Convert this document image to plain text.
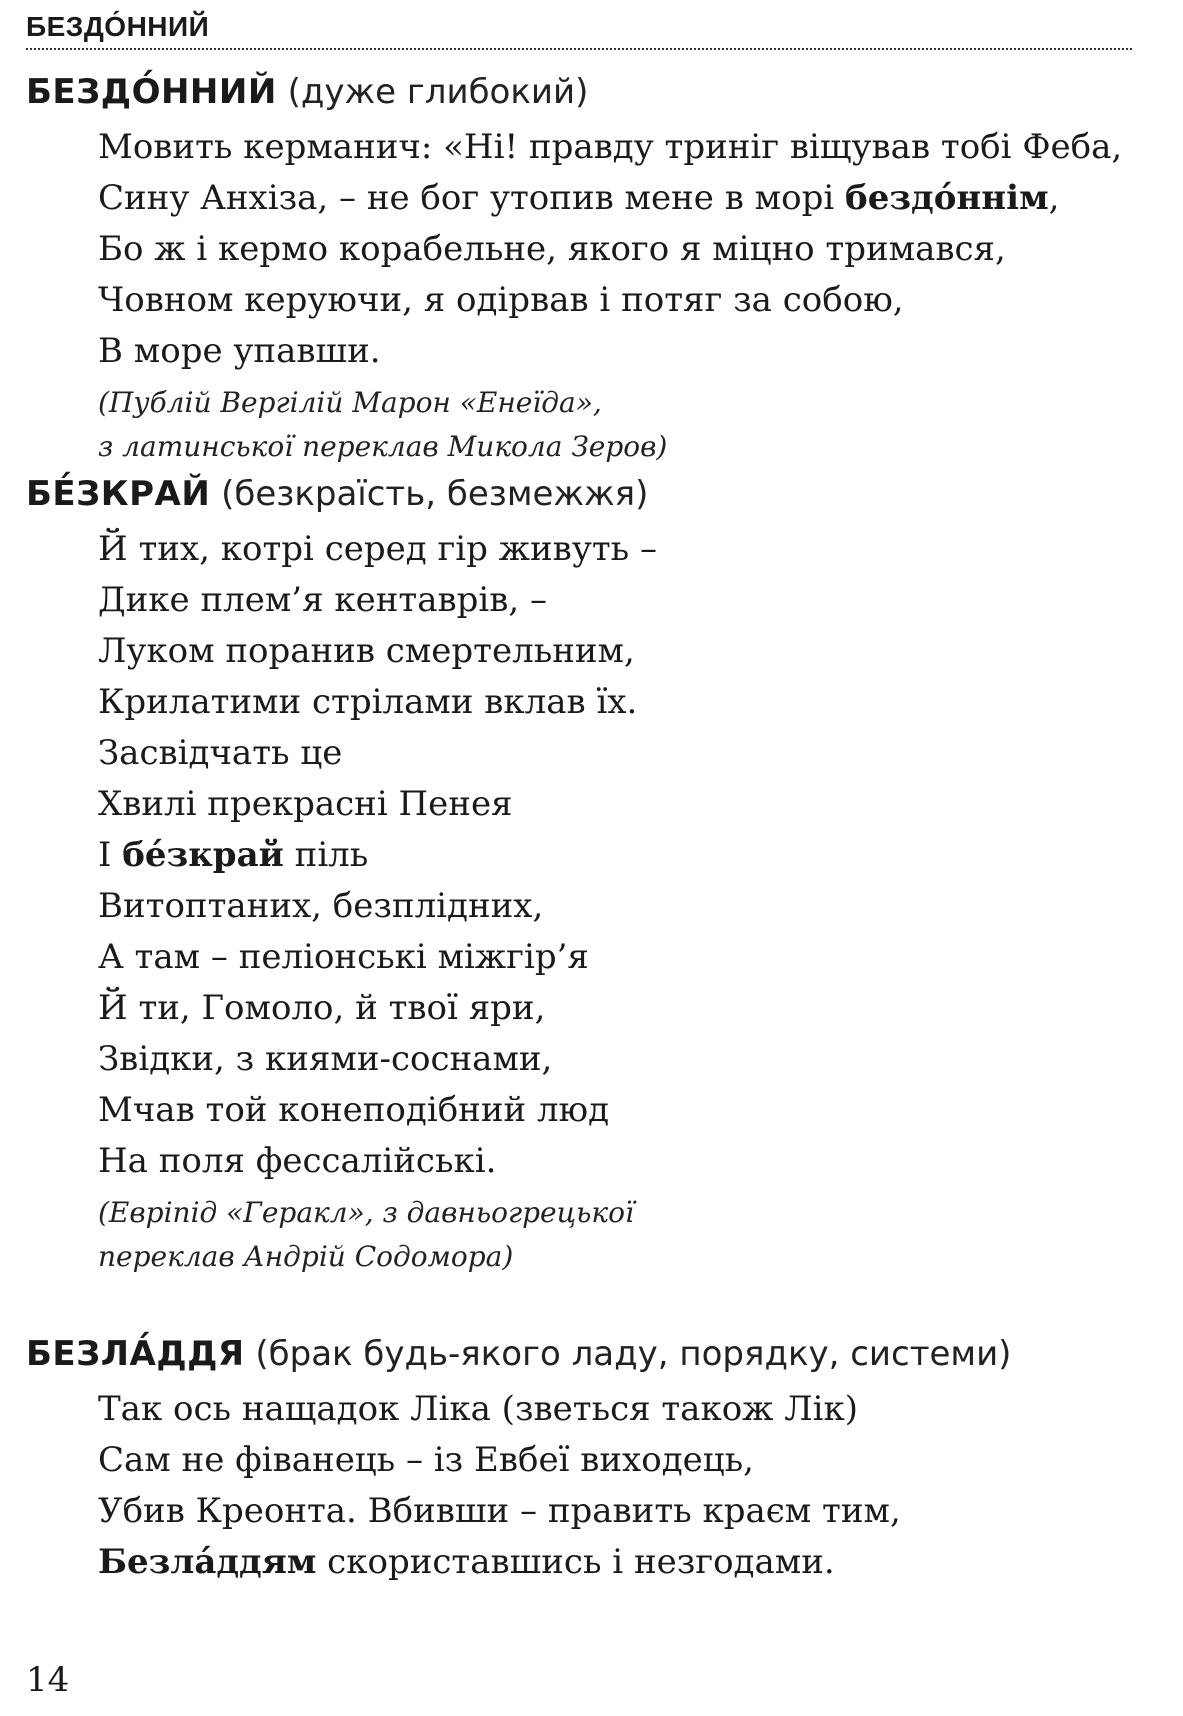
БЕЗДО́ННИЙ

БЕЗДО́ННИЙ (дуже глибокий)

Мовить керманич: «Ні! правду триніг віщував тобі Феба,
Сину Анхіза, – не бог утопив мене в морі бездо́ннім,
Бо ж і кермо корабельне, якого я міцно тримався,
Човном керуючи, я одірвав і потяг за собою,
В море упавши.
(Публій Вергілій Марон «Енеїда»,
з латинської переклав Микола Зеров)

БЕ́ЗКРАЙ (безкраїсть, безмежжя)

Й тих, котрі серед гір живуть –
Дике плем’я кентаврів, –
Луком поранив смертельним,
Крилатими стрілами вклав їх.
Засвідчать це
Хвилі прекрасні Пенея
І бе́зкрай піль
Витоптаних, безплідних,
А там – пеліонські міжгір’я
Й ти, Гомоло, й твої яри,
Звідки, з киями-соснами,
Мчав той конеподібний люд
На поля фессалійські.
(Евріпід «Геракл», з давньогрецької
переклав Андрій Содомора)

БЕЗЛА́ДДЯ (брак будь-якого ладу, порядку, системи)

Так ось нащадок Ліка (зветься також Лік)
Сам не фіванець – із Евбеї виходець,
Убив Креонта. Вбивши – править краєм тим,
Безла́ддям скориставшись і незгодами.
14
